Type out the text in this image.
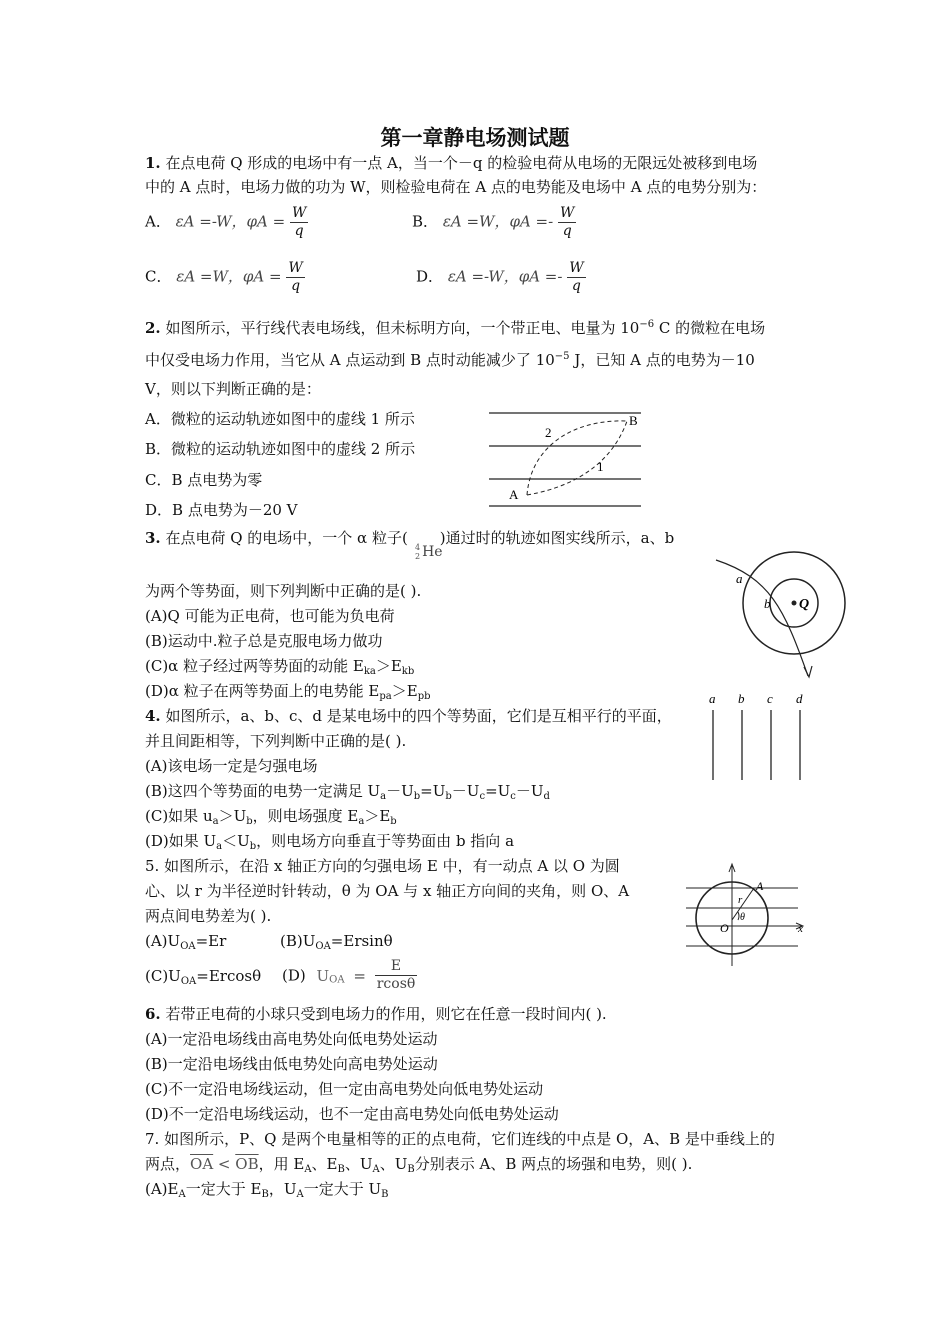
第一章静电场测试题
1. 在点电荷 Q 形成的电场中有一点 A，当一个－q 的检验电荷从电场的无限远处被移到电场
中的 A 点时，电场力做的功为 W，则检验电荷在 A 点的电势能及电场中 A 点的电势分别为：
A． εA =-W，$\varphi A = \frac{W}{q}$	B． εA =W，$\varphi A =- \frac{W}{q}$
C． εA =W，$\varphi A = \frac{W}{q}$	D． εA =-W，$\varphi A =- \frac{W}{q}$
2. 如图所示，平行线代表电场线，但未标明方向，一个带正电、电量为 $10^{-6}$ C 的微粒在电场
中仅受电场力作用，当它从 A 点运动到 B 点时动能减少了 $10^{-5}$ J，已知 A 点的电势为－10
V，则以下判断正确的是：
A．微粒的运动轨迹如图中的虚线 1 所示
B．微粒的运动轨迹如图中的虚线 2 所示
C．B 点电势为零
D．B 点电势为－20 V
A
B
1
2
3. 在点电荷 Q 的电场中，一个 α 粒子( )通过时的轨迹如图实线所示，a、b
4
2 He
为两个等势面，则下列判断中正确的是( ).
(A)Q 可能为正电荷，也可能为负电荷
(B)运动中.粒子总是克服电场力做功
(C)α 粒子经过两等势面的动能 $E_{ka}>E_{kb}$
(D)α 粒子在两等势面上的电势能 $E_{pa}>E_{pb}$
a
b Q
4. 如图所示，a、b、c、d 是某电场中的四个等势面，它们是互相平行的平面，
并且间距相等，下列判断中正确的是( ).
(A)该电场一定是匀强电场
(B)这四个等势面的电势一定满足 $U_a-U_b=U_b-U_c=U_c-U_d$
(C)如果 $u_a>U_b$，则电场强度 $E_a>E_b$
(D)如果 $U_a<U_b$，则电场方向垂直于等势面由 b 指向 a
a b c d
5. 如图所示，在沿 x 轴正方向的匀强电场 E 中，有一动点 A 以 O 为圆
心、以 r 为半径逆时针转动，θ 为 OA 与 x 轴正方向间的夹角，则 O、A
两点间电势差为( ).
$(A)U_{OA}=Er$	$(B)U_{OA}=Ersin\theta$
$(C)U_{OA}=Ercos\theta$ (D) $U_{OA} = \frac{E}{rcos\theta}$
A
O
r
θ
x
6. 若带正电荷的小球只受到电场力的作用，则它在任意一段时间内( ).
(A)一定沿电场线由高电势处向低电势处运动
(B)一定沿电场线由低电势处向高电势处运动
(C)不一定沿电场线运动，但一定由高电势处向低电势处运动
(D)不一定沿电场线运动，也不一定由高电势处向低电势处运动
7. 如图所示，P、Q 是两个电量相等的正的点电荷，它们连线的中点是 O，A、B 是中垂线上的
两点，$\overline{OA} < \overline{OB}$，用 $E_A$、$E_B$、$U_A$、$U_B$分别表示 A、B 两点的场强和电势，则( ).
$(A)E_A$一定大于 $E_B$，$U_A$一定大于 $U_B$
